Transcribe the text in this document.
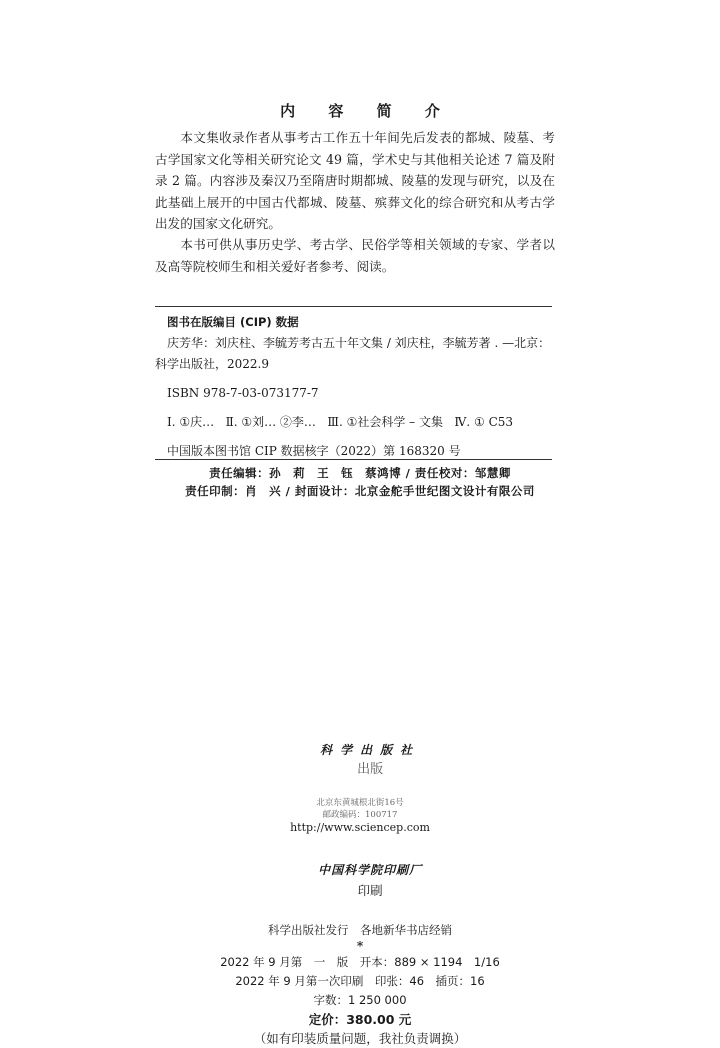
内 容 简 介
本文集收录作者从事考古工作五十年间先后发表的都城、陵墓、考古学国家文化等相关研究论文 49 篇，学术史与其他相关论述 7 篇及附录 2 篇。内容涉及秦汉乃至隋唐时期都城、陵墓的发现与研究，以及在此基础上展开的中国古代都城、陵墓、殡葬文化的综合研究和从考古学出发的国家文化研究。
本书可供从事历史学、考古学、民俗学等相关领域的专家、学者以及高等院校师生和相关爱好者参考、阅读。
图书在版编目 (CIP) 数据
庆芳华：刘庆柱、李毓芳考古五十年文集 / 刘庆柱，李毓芳著 . —北京：
科学出版社，2022.9
ISBN 978-7-03-073177-7
Ⅰ. ①庆…   Ⅱ. ①刘… ②李…   Ⅲ. ①社会科学 – 文集   Ⅳ. ① C53
中国版本图书馆 CIP 数据核字（2022）第 168320 号
责任编辑：孙　莉　王　钰　蔡鸿博 / 责任校对：邹慧卿
责任印制：肖　兴 / 封面设计：北京金舵手世纪图文设计有限公司

科学出版社
出版

北京东黄城根北街16号
邮政编码：100717
http://www.sciencep.com

中国科学院印刷厂
印刷

科学出版社发行　各地新华书店经销
*
2022 年 9 月第　一　版　开本：889 × 1194　1/16
2022 年 9 月第一次印刷　印张：46　插页：16
字数：1 250 000
定价：380.00 元
（如有印装质量问题，我社负责调换）
